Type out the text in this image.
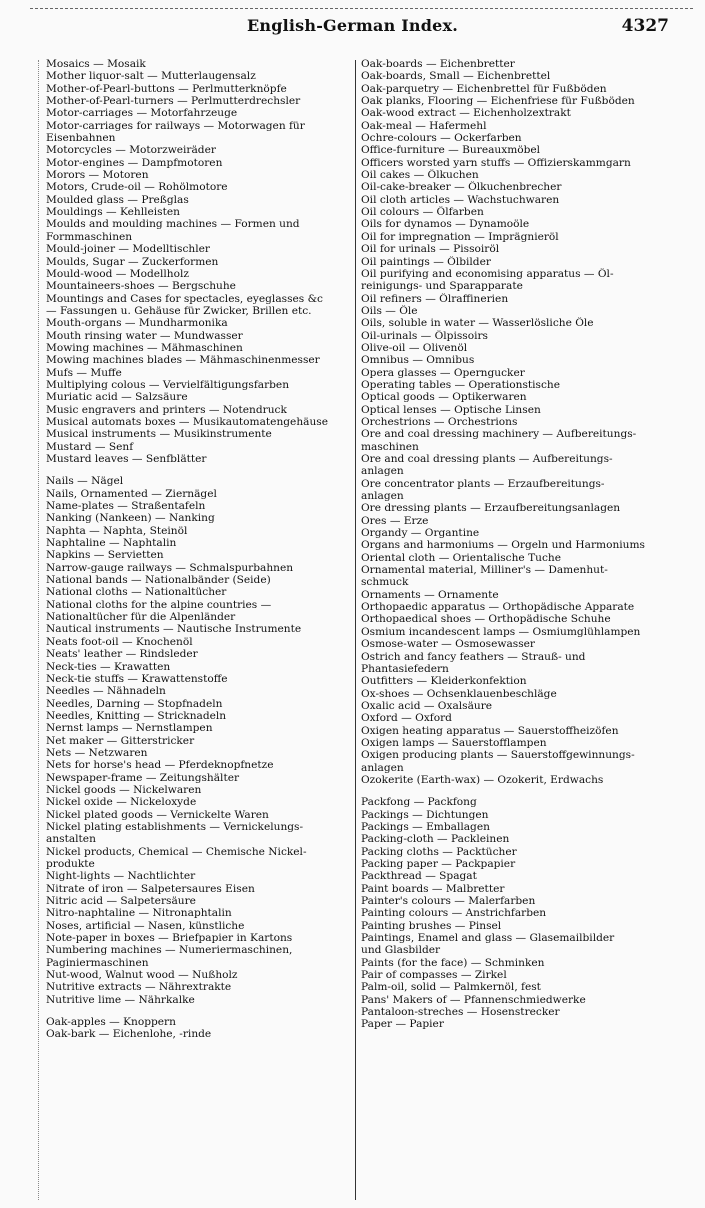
English-German Index.	4327
Mosaics — Mosaik
Mother liquor-salt — Mutterlaugensalz
Mother-of-Pearl-buttons — Perlmutterknöpfe
Mother-of-Pearl-turners — Perlmutterdrechsler
Motor-carriages — Motorfahrzeuge
Motor-carriages for railways — Motorwagen für
Eisenbahnen
Motorcycles — Motorzweiräder
Motor-engines — Dampfmotoren
Morors — Motoren
Motors, Crude-oil — Rohölmotore
Moulded glass — Preßglas
Mouldings — Kehlleisten
Moulds and moulding machines — Formen und
Formmaschinen
Mould-joiner — Modelltischler
Moulds, Sugar — Zuckerformen
Mould-wood — Modellholz
Mountaineers-shoes — Bergschuhe
Mountings and Cases for spectacles, eyeglasses &c
— Fassungen u. Gehäuse für Zwicker, Brillen etc.
Mouth-organs — Mundharmonika
Mouth rinsing water — Mundwasser
Mowing machines — Mähmaschinen
Mowing machines blades — Mähmaschinenmesser
Mufs — Muffe
Multiplying colous — Vervielfältigungsfarben
Muriatic acid — Salzsäure
Music engravers and printers — Notendruck
Musical automats boxes — Musikautomatengehäuse
Musical instruments — Musikinstrumente
Mustard — Senf
Mustard leaves — Senfblätter
Nails — Nägel
Nails, Ornamented — Ziernägel
Name-plates — Straßentafeln
Nanking (Nankeen) — Nanking
Naphta — Naphta, Steinöl
Naphtaline — Naphtalin
Napkins — Servietten
Narrow-gauge railways — Schmalspurbahnen
National bands — Nationalbänder (Seide)
National cloths — Nationaltücher
National cloths for the alpine countries —
Nationaltücher für die Alpenländer
Nautical instruments — Nautische Instrumente
Neats foot-oil — Knochenöl
Neats' leather — Rindsleder
Neck-ties — Krawatten
Neck-tie stuffs — Krawattenstoffe
Needles — Nähnadeln
Needles, Darning — Stopfnadeln
Needles, Knitting — Stricknadeln
Nernst lamps — Nernstlampen
Net maker — Gitterstricker
Nets — Netzwaren
Nets for horse's head — Pferdeknopfnetze
Newspaper-frame — Zeitungshälter
Nickel goods — Nickelwaren
Nickel oxide — Nickeloxyde
Nickel plated goods — Vernickelte Waren
Nickel plating establishments — Vernickelungs-
anstalten
Nickel products, Chemical — Chemische Nickel-
produkte
Night-lights — Nachtlichter
Nitrate of iron — Salpetersaures Eisen
Nitric acid — Salpetersäure
Nitro-naphtaline — Nitronaphtalin
Noses, artificial — Nasen, künstliche
Note-paper in boxes — Briefpapier in Kartons
Numbering machines — Numeriermaschinen,
Paginiermaschinen
Nut-wood, Walnut wood — Nußholz
Nutritive extracts — Nährextrakte
Nutritive lime — Nährkalke
Oak-apples — Knoppern
Oak-bark — Eichenlohe, -rinde
Oak-boards — Eichenbretter
Oak-boards, Small — Eichenbrettel
Oak-parquetry — Eichenbrettel für Fußböden
Oak planks, Flooring — Eichenfriese für Fußböden
Oak-wood extract — Eichenholzextrakt
Oak-meal — Hafermehl
Ochre-colours — Ockerfarben
Office-furniture — Bureauxmöbel
Officers worsted yarn stuffs — Offizierskammgarn
Oil cakes — Ölkuchen
Oil-cake-breaker — Ölkuchenbrecher
Oil cloth articles — Wachstuchwaren
Oil colours — Ölfarben
Oils for dynamos — Dynamoöle
Oil for impregnation — Imprägnieröl
Oil for urinals — Pissoiröl
Oil paintings — Ölbilder
Oil purifying and economising apparatus — Öl-
reinigungs- und Sparapparate
Oil refiners — Ölraffinerien
Oils — Öle
Oils, soluble in water — Wasserlösliche Öle
Oil-urinals — Ölpissoirs
Olive-oil — Olivenöl
Omnibus — Omnibus
Opera glasses — Operngucker
Operating tables — Operationstische
Optical goods — Optikerwaren
Optical lenses — Optische Linsen
Orchestrions — Orchestrions
Ore and coal dressing machinery — Aufbereitungs-
maschinen
Ore and coal dressing plants — Aufbereitungs-
anlagen
Ore concentrator plants — Erzaufbereitungs-
anlagen
Ore dressing plants — Erzaufbereitungsanlagen
Ores — Erze
Organdy — Organtine
Organs and harmoniums — Orgeln und Harmoniums
Oriental cloth — Orientalische Tuche
Ornamental material, Milliner's — Damenhut-
schmuck
Ornaments — Ornamente
Orthopaedic apparatus — Orthopädische Apparate
Orthopaedical shoes — Orthopädische Schuhe
Osmium incandescent lamps — Osmiumglühlampen
Osmose-water — Osmosewasser
Ostrich and fancy feathers — Strauß- und
Phantasiefedern
Outfitters — Kleiderkonfektion
Ox-shoes — Ochsenklauenbeschläge
Oxalic acid — Oxalsäure
Oxford — Oxford
Oxigen heating apparatus — Sauerstoffheizöfen
Oxigen lamps — Sauerstofflampen
Oxigen producing plants — Sauerstoffgewinnungs-
anlagen
Ozokerite (Earth-wax) — Ozokerit, Erdwachs
Packfong — Packfong
Packings — Dichtungen
Packings — Emballagen
Packing-cloth — Packleinen
Packing cloths — Packtücher
Packing paper — Packpapier
Packthread — Spagat
Paint boards — Malbretter
Painter's colours — Malerfarben
Painting colours — Anstrichfarben
Painting brushes — Pinsel
Paintings, Enamel and glass — Glasemailbilder
und Glasbilder
Paints (for the face) — Schminken
Pair of compasses — Zirkel
Palm-oil, solid — Palmkernöl, fest
Pans' Makers of — Pfannenschmiedwerke
Pantaloon-streches — Hosenstrecker
Paper — Papier
